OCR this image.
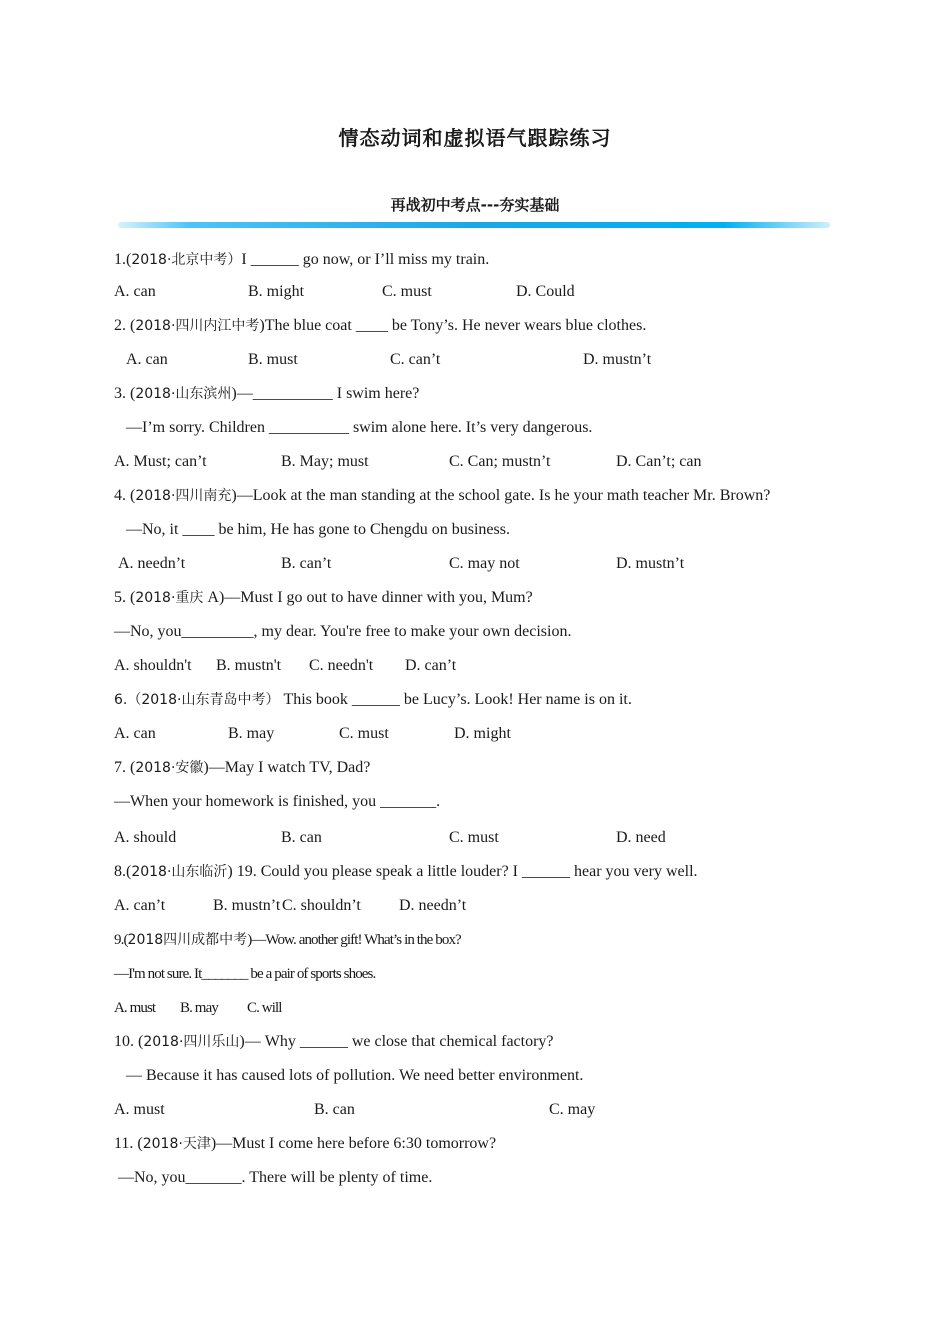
情态动词和虚拟语气跟踪练习
再战初中考点---夯实基础
1.(2018·北京中考）I ______ go now, or I’ll miss my train.

A. can

	B. might

	C. must

	D. Could

2. (2018·四川内江中考)The blue coat ____ be Tony’s. He never wears blue clothes.

A. can

	B. must

	C. can’t

	D. mustn’t

3. (2018·山东滨州)—__________ I swim here?
—I’m sorry. Children __________ swim alone here. It’s very dangerous.

A. Must; can’t

	B. May; must

	C. Can; mustn’t

	D. Can’t; can

4. (2018·四川南充)—Look at the man standing at the school gate. Is he your math teacher Mr. Brown?
—No, it ____ be him, He has gone to Chengdu on business.

A. needn’t

	B. can’t

	C. may not

	D. mustn’t

5. (2018·重庆 A)—Must I go out to have dinner with you, Mum?
—No, you_________, my dear. You're free to make your own decision.

A. shouldn't

B. mustn't

C. needn't

D. can’t

6.（2018·山东青岛中考） This book ______ be Lucy’s. Look! Her name is on it.

A. can

	B. may

	C. must

	D. might

7. (2018·安徽)—May I watch TV, Dad?
—When your homework is finished, you _______.

A. should

	B. can

	C. must

	D. need

8.(2018·山东临沂) 19. Could you please speak a little louder? I ______ hear you very well.

A. can’t

	B. mustn’t

C. shouldn’t

D. needn’t

9.(2018四川成都中考)—Wow. another gift! What’s in the box?
—I'm not sure. It_______ be a pair of sports shoes.

A. must

B. may

C. will

10. (2018·四川乐山)— Why ______ we close that chemical factory?
— Because it has caused lots of pollution. We need better environment.

A. must

	B. can

	C. may

11. (2018·天津)—Must I come here before 6:30 tomorrow?
—No, you_______. There will be plenty of time.
